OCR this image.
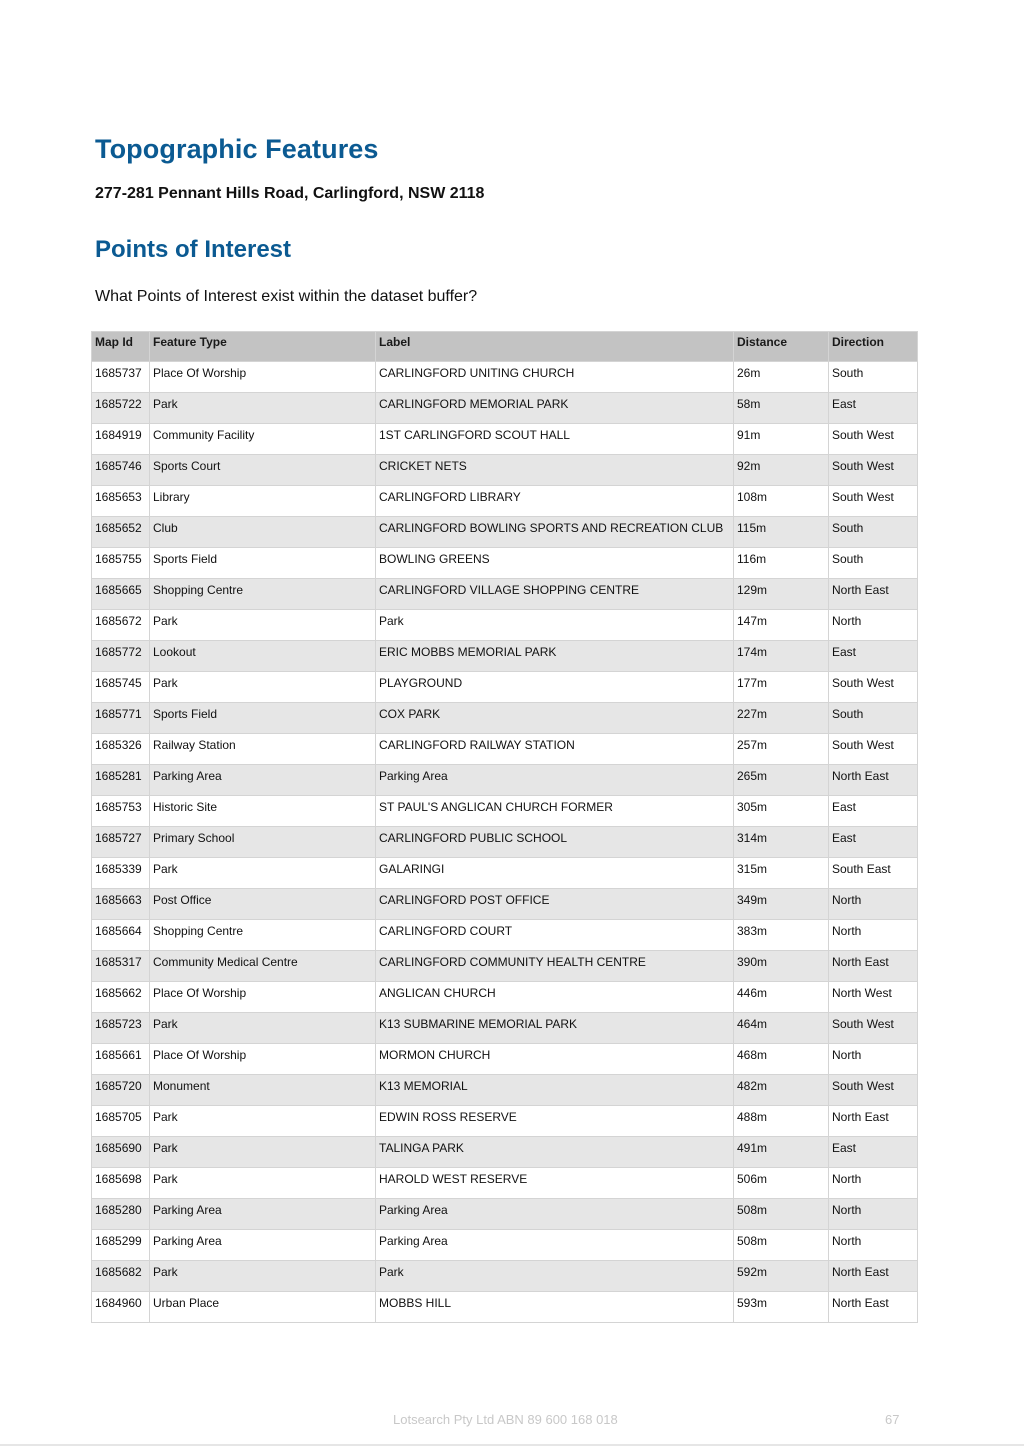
Topographic Features

277-281 Pennant Hills Road, Carlingford, NSW 2118

Points of Interest

What Points of Interest exist within the dataset buffer?

Map Id	Feature Type	Label	Distance	Direction
1685737	Place Of Worship	CARLINGFORD UNITING CHURCH	26m	South
1685722	Park	CARLINGFORD MEMORIAL PARK	58m	East
1684919	Community Facility	1ST CARLINGFORD SCOUT HALL	91m	South West
1685746	Sports Court	CRICKET NETS	92m	South West
1685653	Library	CARLINGFORD LIBRARY	108m	South West
1685652	Club	CARLINGFORD BOWLING SPORTS AND RECREATION CLUB	115m	South
1685755	Sports Field	BOWLING GREENS	116m	South
1685665	Shopping Centre	CARLINGFORD VILLAGE SHOPPING CENTRE	129m	North East
1685672	Park	Park	147m	North
1685772	Lookout	ERIC MOBBS MEMORIAL PARK	174m	East
1685745	Park	PLAYGROUND	177m	South West
1685771	Sports Field	COX PARK	227m	South
1685326	Railway Station	CARLINGFORD RAILWAY STATION	257m	South West
1685281	Parking Area	Parking Area	265m	North East
1685753	Historic Site	ST PAUL'S ANGLICAN CHURCH FORMER	305m	East
1685727	Primary School	CARLINGFORD PUBLIC SCHOOL	314m	East
1685339	Park	GALARINGI	315m	South East
1685663	Post Office	CARLINGFORD POST OFFICE	349m	North
1685664	Shopping Centre	CARLINGFORD COURT	383m	North
1685317	Community Medical Centre	CARLINGFORD COMMUNITY HEALTH CENTRE	390m	North East
1685662	Place Of Worship	ANGLICAN CHURCH	446m	North West
1685723	Park	K13 SUBMARINE MEMORIAL PARK	464m	South West
1685661	Place Of Worship	MORMON CHURCH	468m	North
1685720	Monument	K13 MEMORIAL	482m	South West
1685705	Park	EDWIN ROSS RESERVE	488m	North East
1685690	Park	TALINGA PARK	491m	East
1685698	Park	HAROLD WEST RESERVE	506m	North
1685280	Parking Area	Parking Area	508m	North
1685299	Parking Area	Parking Area	508m	North
1685682	Park	Park	592m	North East
1684960	Urban Place	MOBBS HILL	593m	North East
Lotsearch Pty Ltd ABN 89 600 168 018	67
